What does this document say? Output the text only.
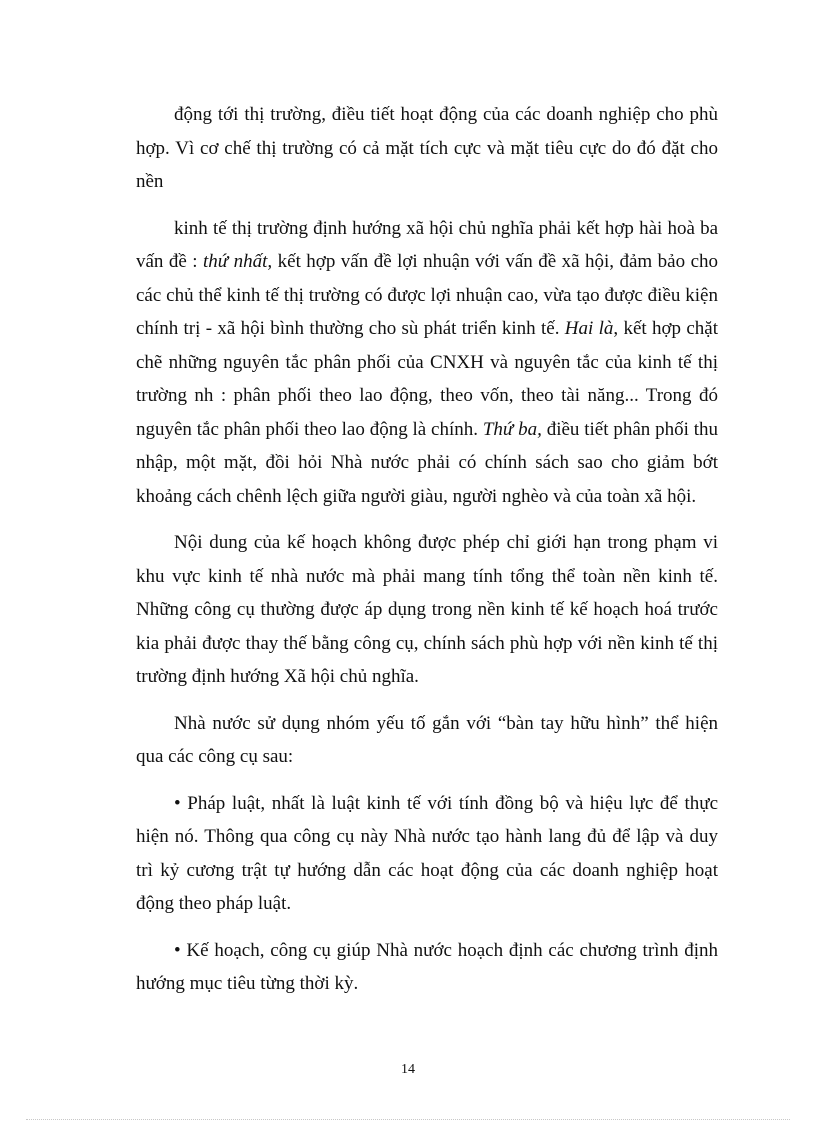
động tới thị trường, điều tiết hoạt động của các doanh nghiệp cho phù hợp. Vì cơ chế thị trường có cả mặt tích cực và mặt tiêu cực do đó đặt cho nền

kinh tế thị trường định hướng xã hội chủ nghĩa phải kết hợp hài hoà ba vấn đề : thứ nhất, kết hợp vấn đề lợi nhuận với vấn đề xã hội, đảm bảo cho các chủ thể kinh tế thị trường có được lợi nhuận cao, vừa tạo được điều kiện chính trị - xã hội bình thường cho sù phát triển kinh tế. Hai là, kết hợp chặt chẽ những nguyên tắc phân phối của CNXH và nguyên tắc của kinh tế thị trường nh : phân phối theo lao động, theo vốn, theo tài năng... Trong đó nguyên tắc phân phối theo lao động là chính. Thứ ba, điều tiết phân phối thu nhập, một mặt, đồi hỏi Nhà nước phải có chính sách sao cho giảm bớt khoảng cách chênh lệch giữa người giàu, người nghèo và của toàn xã hội.

Nội dung của kế hoạch không được phép chỉ giới hạn trong phạm vi khu vực kinh tế nhà nước mà phải mang tính tổng thể toàn nền kinh tế. Những công cụ thường được áp dụng trong nền kinh tế kế hoạch hoá trước kia phải được thay thế bằng công cụ, chính sách phù hợp với nền kinh tế thị trường định hướng Xã hội chủ nghĩa.

Nhà nước sử dụng nhóm yếu tố gắn với “bàn tay hữu hình” thể hiện qua các công cụ sau:

• Pháp luật, nhất là luật kinh tế với tính đồng bộ và hiệu lực để thực hiện nó. Thông qua công cụ này Nhà nước tạo hành lang đủ để lập và duy trì kỷ cương trật tự hướng dẫn các hoạt động của các doanh nghiệp hoạt động theo pháp luật.

• Kế hoạch, công cụ giúp Nhà nước hoạch định các chương trình định hướng mục tiêu từng thời kỳ.

14
